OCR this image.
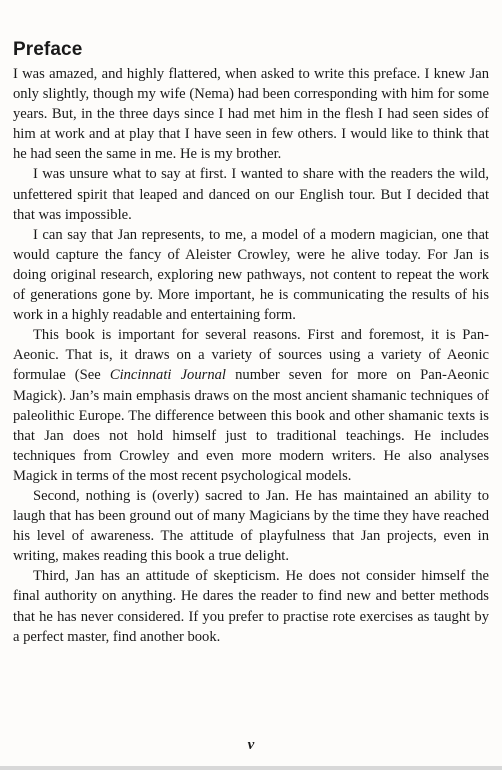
Preface

I was amazed, and highly flattered, when asked to write this preface. I knew Jan only slightly, though my wife (Nema) had been corresponding with him for some years. But, in the three days since I had met him in the flesh I had seen sides of him at work and at play that I have seen in few others. I would like to think that he had seen the same in me. He is my brother.

I was unsure what to say at first. I wanted to share with the readers the wild, unfettered spirit that leaped and danced on our English tour. But I decided that that was impossible.

I can say that Jan represents, to me, a model of a modern magician, one that would capture the fancy of Aleister Crowley, were he alive today. For Jan is doing original research, exploring new pathways, not content to repeat the work of generations gone by. More important, he is communicating the results of his work in a highly readable and entertaining form.

This book is important for several reasons. First and foremost, it is Pan-Aeonic. That is, it draws on a variety of sources using a variety of Aeonic formulae (See Cincinnati Journal number seven for more on Pan-Aeonic Magick). Jan’s main emphasis draws on the most ancient shamanic techniques of paleolithic Europe. The difference between this book and other shamanic texts is that Jan does not hold himself just to traditional teachings. He includes techniques from Crowley and even more modern writers. He also analyses Magick in terms of the most recent psychological models.

Second, nothing is (overly) sacred to Jan. He has maintained an ability to laugh that has been ground out of many Magicians by the time they have reached his level of awareness. The attitude of playfulness that Jan projects, even in writing, makes reading this book a true delight.

Third, Jan has an attitude of skepticism. He does not consider himself the final authority on anything. He dares the reader to find new and better methods that he has never considered. If you prefer to practise rote exercises as taught by a perfect master, find another book.

v
